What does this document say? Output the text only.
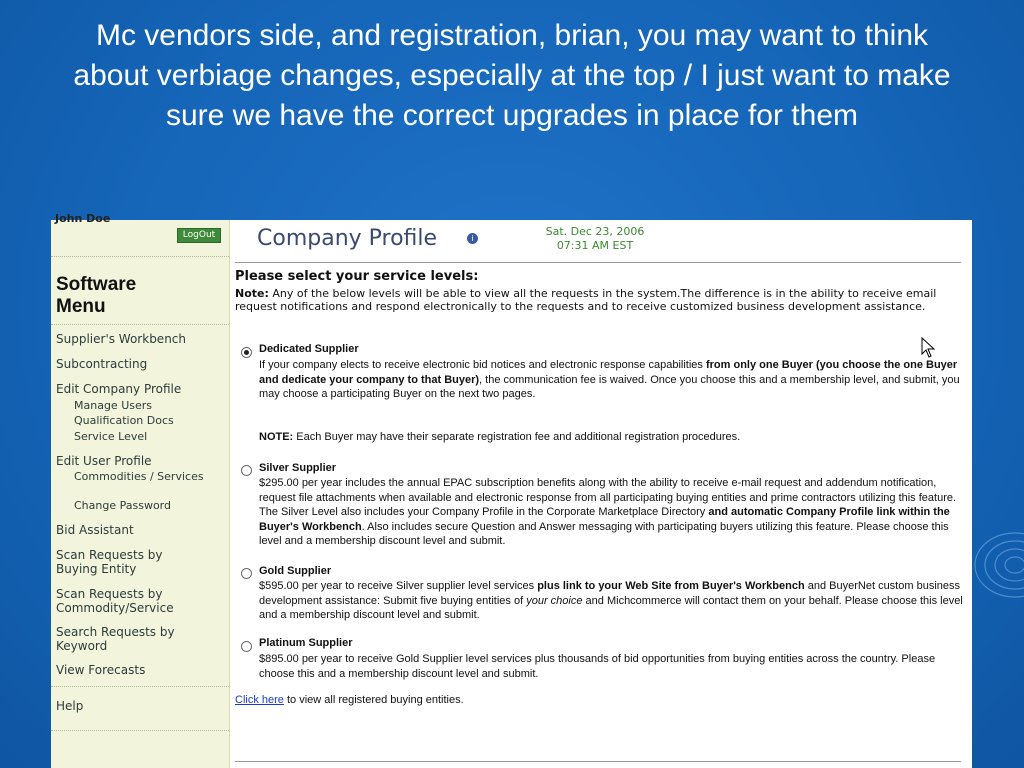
Mc vendors side, and registration, brian, you may want to think about verbiage changes, especially at the top / I just want to make sure we have the correct upgrades in place for them
John Doe
LogOut
Software Menu
Supplier's Workbench
Subcontracting
Edit Company Profile
Manage Users
Qualification Docs
Service Level
Edit User Profile
Commodities / Services
Change Password
Bid Assistant
Scan Requests by Buying Entity
Scan Requests by Commodity/Service
Search Requests by Keyword
View Forecasts
Help
Company Profile	i
Sat. Dec 23, 2006
07:31 AM EST
Please select your service levels:
Note: Any of the below levels will be able to view all the requests in the system.The difference is in the ability to receive email request notifications and respond electronically to the requests and to receive customized business development assistance.
Dedicated Supplier
If your company elects to receive electronic bid notices and electronic response capabilities from only one Buyer (you choose the one Buyer and dedicate your company to that Buyer), the communication fee is waived. Once you choose this and a membership level, and submit, you may choose a participating Buyer on the next two pages.
NOTE: Each Buyer may have their separate registration fee and additional registration procedures.
Silver Supplier
$295.00 per year includes the annual EPAC subscription benefits along with the ability to receive e-mail request and addendum notification, request file attachments when available and electronic response from all participating buying entities and prime contractors utilizing this feature. The Silver Level also includes your Company Profile in the Corporate Marketplace Directory and automatic Company Profile link within the Buyer's Workbench. Also includes secure Question and Answer messaging with participating buyers utilizing this feature. Please choose this level and a membership discount level and submit.
Gold Supplier
$595.00 per year to receive Silver supplier level services plus link to your Web Site from Buyer's Workbench and BuyerNet custom business development assistance: Submit five buying entities of your choice and Michcommerce will contact them on your behalf. Please choose this level and a membership discount level and submit.
Platinum Supplier
$895.00 per year to receive Gold Supplier level services plus thousands of bid opportunities from buying entities across the country. Please choose this and a membership discount level and submit.
Click here to view all registered buying entities.
